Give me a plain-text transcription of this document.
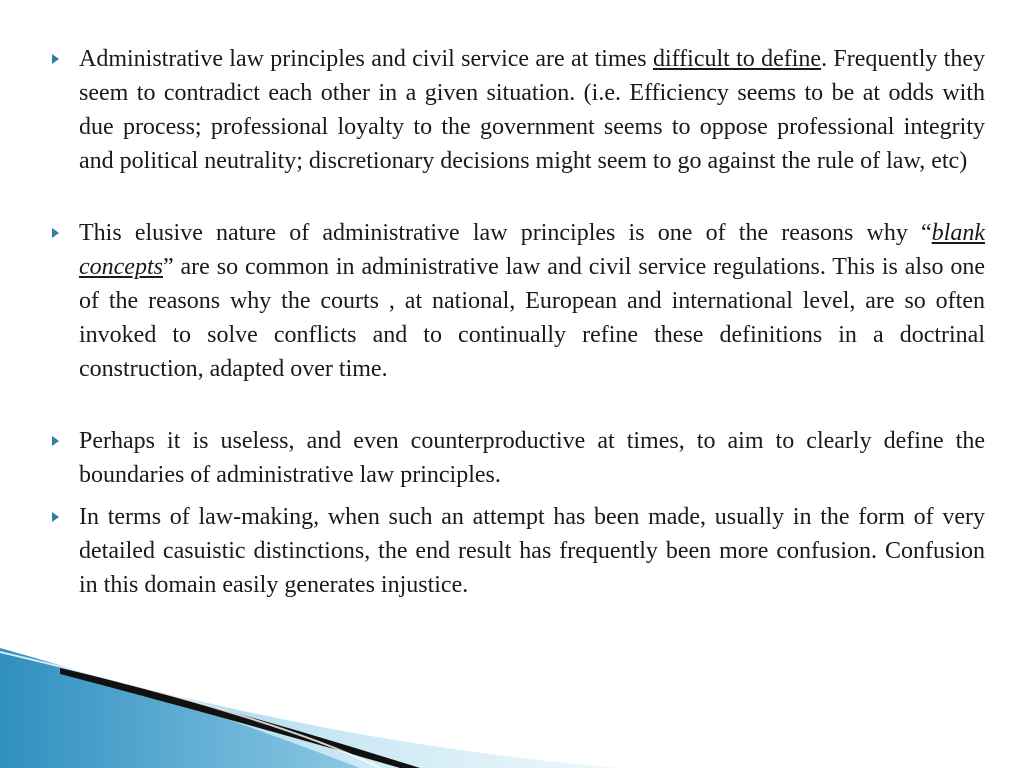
Administrative law principles and civil service are at times difficult to define. Frequently they seem to contradict each other in a given situation. (i.e. Efficiency seems to be at odds with due process; professional loyalty to the government seems to oppose professional integrity and political neutrality; discretionary decisions might seem to go against the rule of law, etc)

This elusive nature of administrative law principles is one of the reasons why “blank concepts” are so common in administrative law and civil service regulations. This is also one of the reasons why the courts , at national, European and international level, are so often invoked to solve conflicts and to continually refine these definitions in a doctrinal construction, adapted over time.

Perhaps it is useless, and even counterproductive at times, to aim to clearly define the boundaries of administrative law principles.

In terms of law-making, when such an attempt has been made, usually in the form of very detailed casuistic distinctions, the end result has frequently been more confusion. Confusion in this domain easily generates injustice.
